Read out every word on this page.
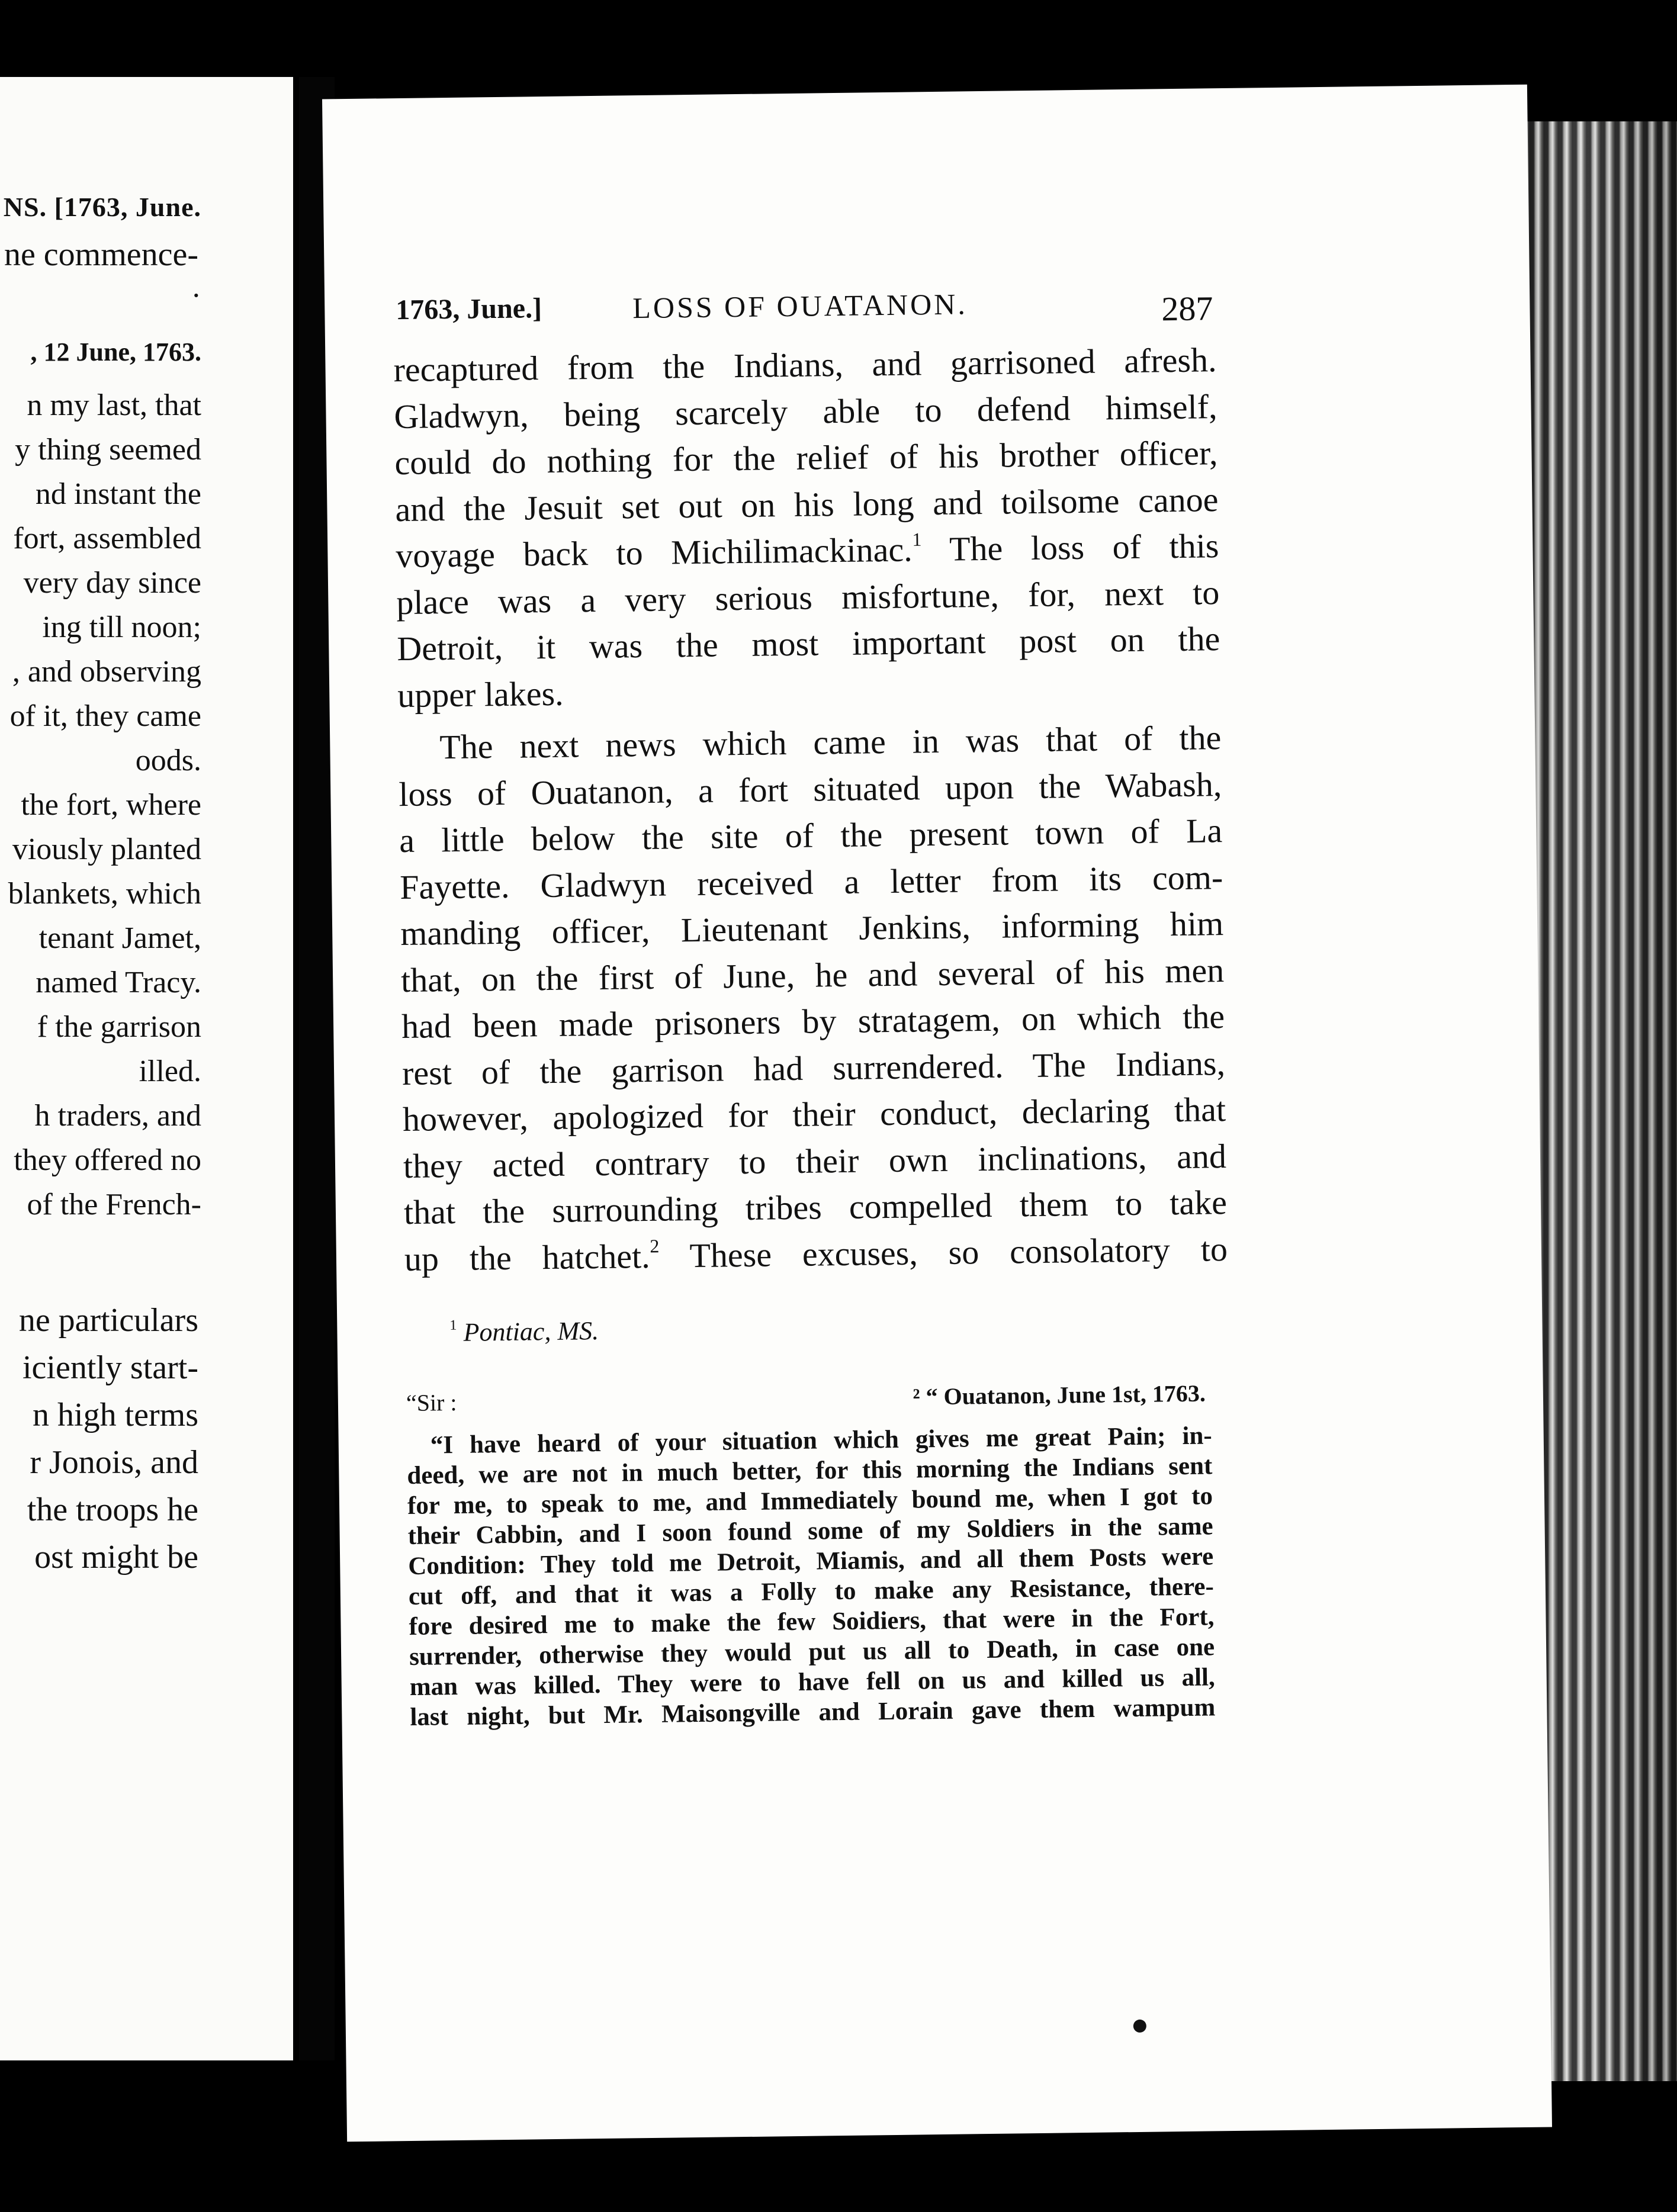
NS. [1763, June.
ne commence-
·
, 12 June, 1763.
n my last, that
y thing seemed
nd instant the
fort, assembled
very day since
ing till noon;
, and observing
of it, they came
oods.
the fort, where
viously planted
blankets, which
tenant Jamet,
named Tracy.
f the garrison
illed.
h traders, and
they offered no
of the French-
ne particulars
iciently start-
n high terms
r Jonois, and
the troops he
ost might be
1763, June.]	LOSS OF OUATANON.	287
recaptured from the Indians, and garrisoned afresh.
Gladwyn, being scarcely able to defend himself,
could do nothing for the relief of his brother officer,
and the Jesuit set out on his long and toilsome canoe
voyage back to Michilimackinac.$^1$ The loss of this
place was a very serious misfortune, for, next to
Detroit, it was the most important post on the
upper lakes.
The next news which came in was that of the
loss of Ouatanon, a fort situated upon the Wabash,
a little below the site of the present town of La
Fayette. Gladwyn received a letter from its com-
manding officer, Lieutenant Jenkins, informing him
that, on the first of June, he and several of his men
had been made prisoners by stratagem, on which the
rest of the garrison had surrendered. The Indians,
however, apologized for their conduct, declaring that
they acted contrary to their own inclinations, and
that the surrounding tribes compelled them to take
up the hatchet.$^2$ These excuses, so consolatory to
$^1$ Pontiac, MS.
“Sir :	² “ Ouatanon, June 1st, 1763.
“I have heard of your situation which gives me great Pain; in-
deed, we are not in much better, for this morning the Indians sent
for me, to speak to me, and Immediately bound me, when I got to
their Cabbin, and I soon found some of my Soldiers in the same
Condition: They told me Detroit, Miamis, and all them Posts were
cut off, and that it was a Folly to make any Resistance, there-
fore desired me to make the few Soidiers, that were in the Fort,
surrender, otherwise they would put us all to Death, in case one
man was killed. They were to have fell on us and killed us all,
last night, but Mr. Maisongville and Lorain gave them wampum
